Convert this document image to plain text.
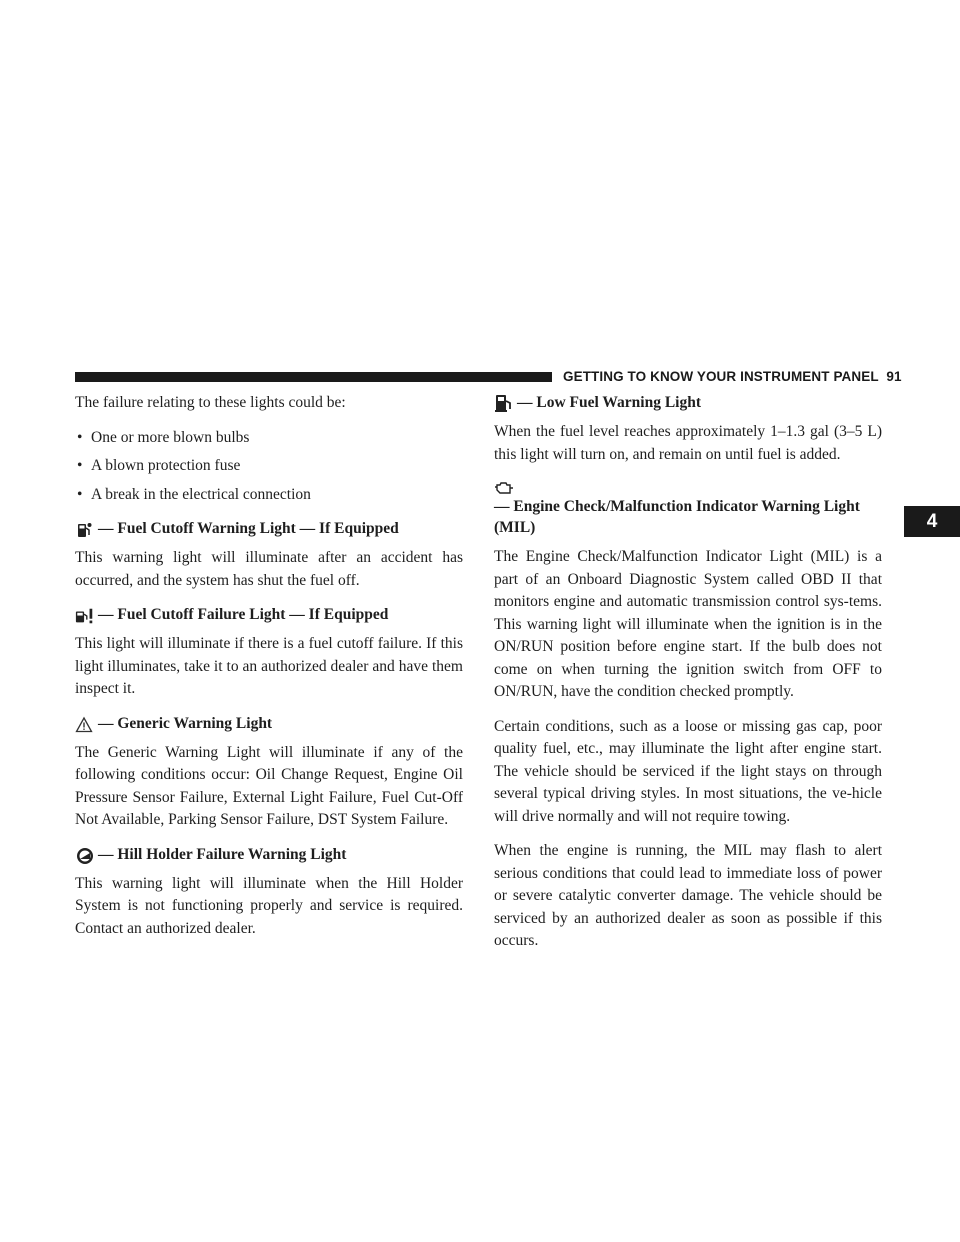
GETTING TO KNOW YOUR INSTRUMENT PANEL 91
4

The failure relating to these lights could be:

• One or more blown bulbs
• A blown protection fuse
• A break in the electrical connection
— Fuel Cutoff Warning Light — If Equipped

This warning light will illuminate after an accident has occurred, and the system has shut the fuel off.

— Fuel Cutoff Failure Light — If Equipped

This light will illuminate if there is a fuel cutoff failure. If this light illuminates, take it to an authorized dealer and have them inspect it.

— Generic Warning Light

The Generic Warning Light will illuminate if any of the following conditions occur: Oil Change Request, Engine Oil Pressure Sensor Failure, External Light Failure, Fuel Cut-Off Not Available, Parking Sensor Failure, DST System Failure.

— Hill Holder Failure Warning Light

This warning light will illuminate when the Hill Holder System is not functioning properly and service is required. Contact an authorized dealer.

— Low Fuel Warning Light

When the fuel level reaches approximately 1–1.3 gal (3–5 L) this light will turn on, and remain on until fuel is added.

— Engine Check/Malfunction Indicator Warning Light (MIL)

The Engine Check/Malfunction Indicator Light (MIL) is a part of an Onboard Diagnostic System called OBD II that monitors engine and automatic transmission control sys-tems. This warning light will illuminate when the ignition is in the ON/RUN position before engine start. If the bulb does not come on when turning the ignition switch from OFF to ON/RUN, have the condition checked promptly.

Certain conditions, such as a loose or missing gas cap, poor quality fuel, etc., may illuminate the light after engine start. The vehicle should be serviced if the light stays on through several typical driving styles. In most situations, the ve-hicle will drive normally and will not require towing.

When the engine is running, the MIL may flash to alert serious conditions that could lead to immediate loss of power or severe catalytic converter damage. The vehicle should be serviced by an authorized dealer as soon as possible if this occurs.
